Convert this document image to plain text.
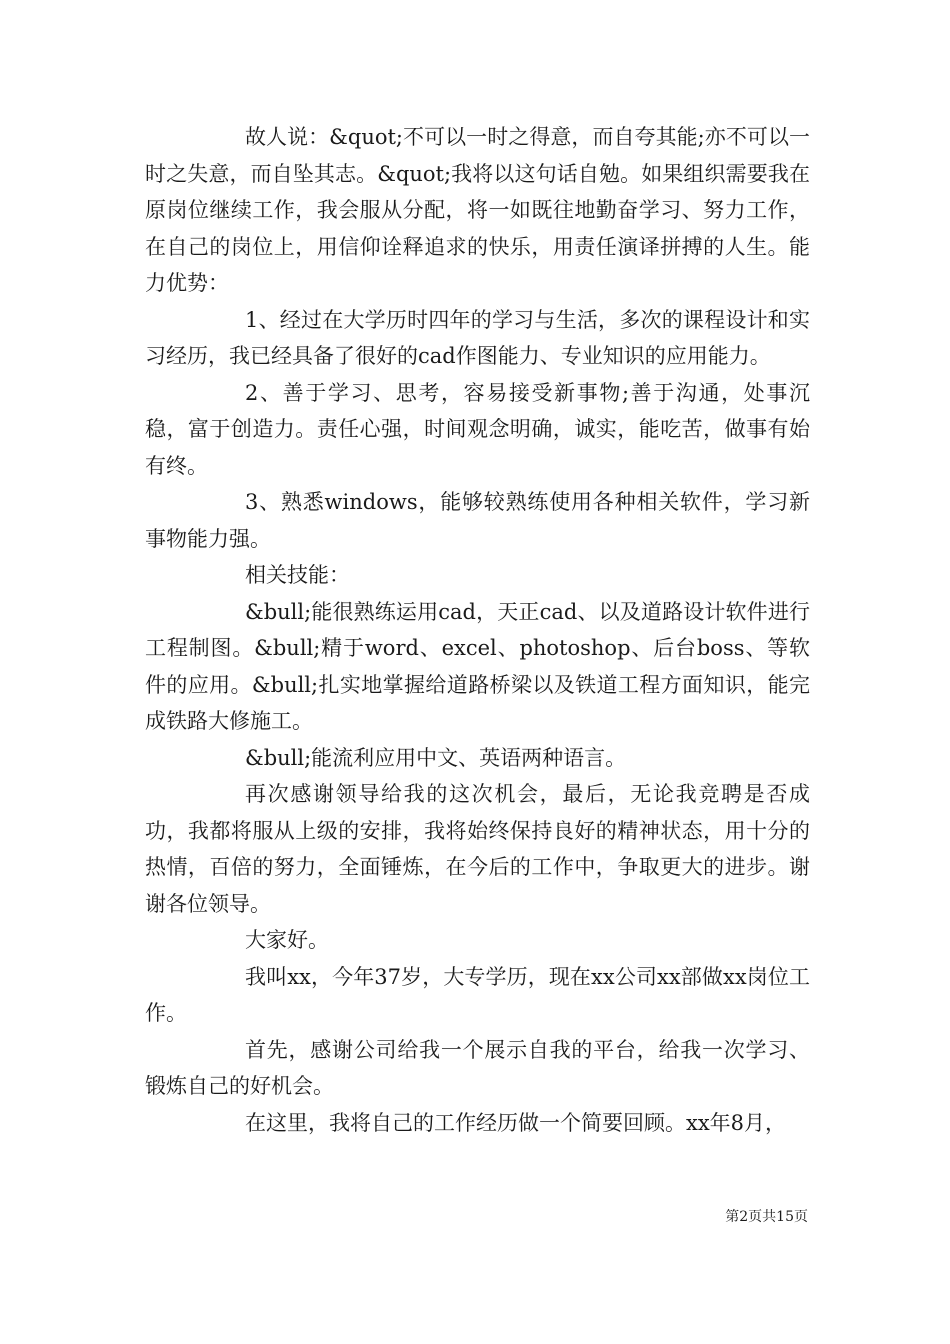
故人说：&quot;不可以一时之得意，而自夸其能;亦不可以一时之失意，而自坠其志。&quot;我将以这句话自勉。如果组织需要我在原岗位继续工作，我会服从分配，将一如既往地勤奋学习、努力工作，在自己的岗位上，用信仰诠释追求的快乐，用责任演译拼搏的人生。能力优势：

1、经过在大学历时四年的学习与生活，多次的课程设计和实习经历，我已经具备了很好的cad作图能力、专业知识的应用能力。

2、善于学习、思考，容易接受新事物;善于沟通，处事沉稳，富于创造力。责任心强，时间观念明确，诚实，能吃苦，做事有始有终。

3、熟悉windows，能够较熟练使用各种相关软件，学习新事物能力强。

相关技能：

&bull;能很熟练运用cad，天正cad、以及道路设计软件进行工程制图。&bull;精于word、excel、photoshop、后台boss、等软件的应用。&bull;扎实地掌握给道路桥梁以及铁道工程方面知识，能完成铁路大修施工。

&bull;能流利应用中文、英语两种语言。

再次感谢领导给我的这次机会，最后，无论我竞聘是否成功，我都将服从上级的安排，我将始终保持良好的精神状态，用十分的热情，百倍的努力，全面锤炼，在今后的工作中，争取更大的进步。谢谢各位领导。

大家好。

我叫xx，今年37岁，大专学历，现在xx公司xx部做xx岗位工作。

首先，感谢公司给我一个展示自我的平台，给我一次学习、锻炼自己的好机会。

在这里，我将自己的工作经历做一个简要回顾。xx年8月，

第2页共15页
